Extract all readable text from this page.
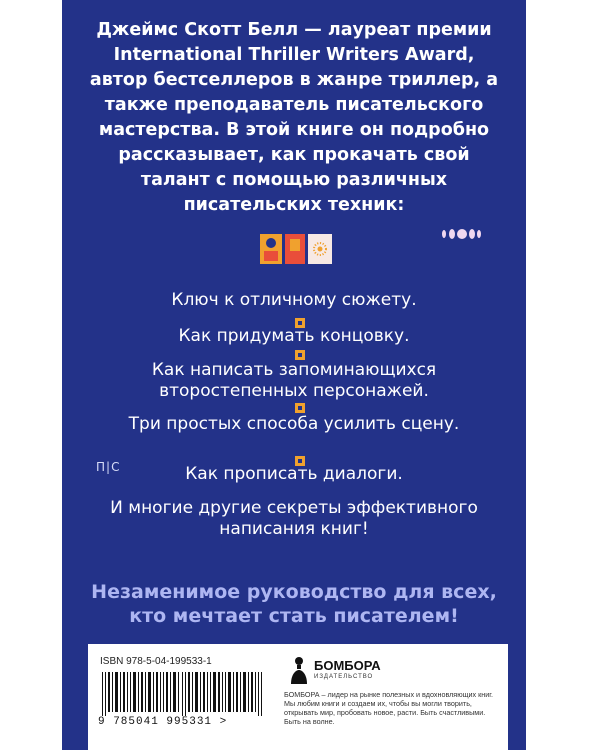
Джеймс Скотт Белл — лауреат премии International Thriller Writers Award, автор бестселлеров в жанре триллер, а также преподаватель писательского мастерства. В этой книге он подробно рассказывает, как прокачать свой талант с помощью различных писательских техник:

Ключ к отличному сюжету.

Как придумать концовку.

Как написать запоминающихся второстепенных персонажей.

Три простых способа усилить сцену.

Как прописать диалоги.

П|С

И многие другие секреты эффективного написания книг!

Незаменимое руководство для всех, кто мечтает стать писателем!

ISBN 978-5-04-199533-1
9 785041 995331 >
БОМБОРА
ИЗДАТЕЛЬСТВО

БОМБОРА – лидер на рынке полезных и вдохновляющих книг. Мы любим книги и создаем их, чтобы вы могли творить, открывать мир, пробовать новое, расти. Быть счастливыми. Быть на волне.
